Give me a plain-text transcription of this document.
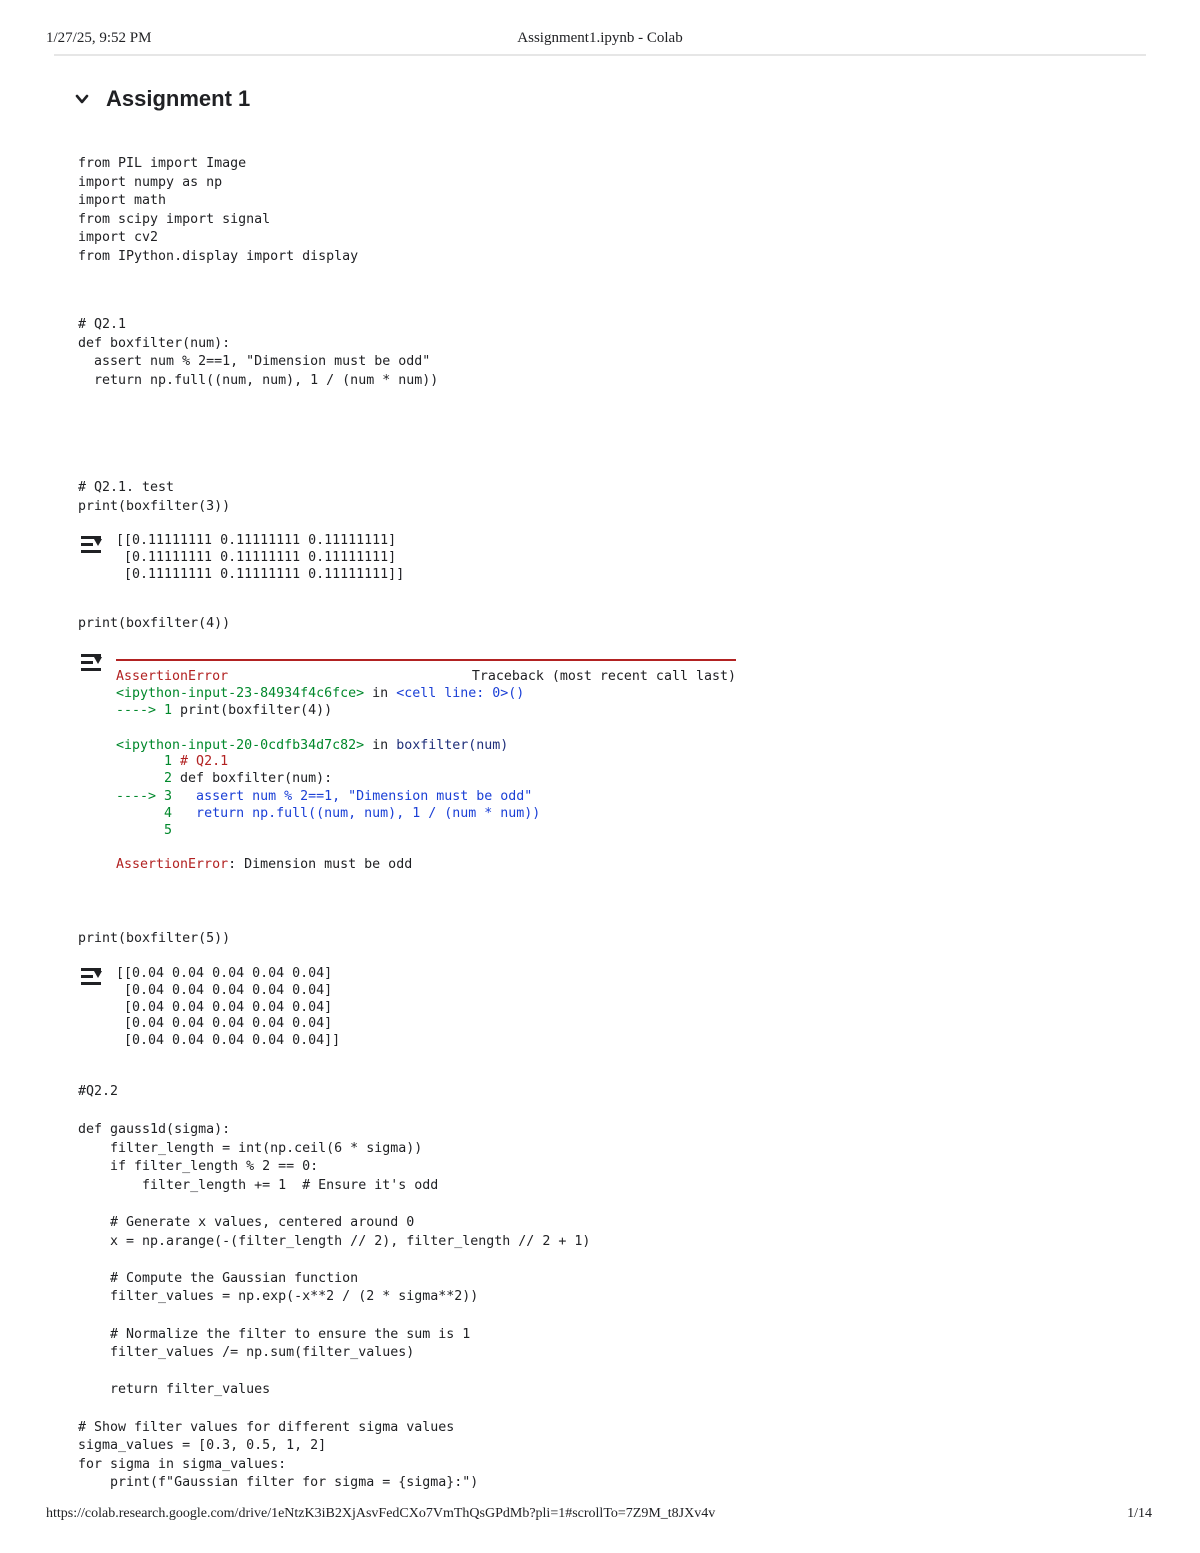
1/27/25, 9:52 PM	Assignment1.ipynb - Colab
Assignment 1
from PIL import Image
import numpy as np
import math
from scipy import signal
import cv2
from IPython.display import display
# Q2.1
def boxfilter(num):
assert num % 2==1, "Dimension must be odd"
return np.full((num, num), 1 / (num * num))
# Q2.1. test
print(boxfilter(3))
[[0.11111111 0.11111111 0.11111111]
[0.11111111 0.11111111 0.11111111]
[0.11111111 0.11111111 0.11111111]]
print(boxfilter(4))
AssertionError	Traceback (most recent call last)
<ipython-input-23-84934f4c6fce> in <cell line: 0>()
----> 1 print(boxfilter(4))
<ipython-input-20-0cdfb34d7c82> in boxfilter(num)
1 # Q2.1
2 def boxfilter(num):
----> 3   assert num % 2==1, "Dimension must be odd"
4   return np.full((num, num), 1 / (num * num))
5
AssertionError: Dimension must be odd
print(boxfilter(5))
[[0.04 0.04 0.04 0.04 0.04]
[0.04 0.04 0.04 0.04 0.04]
[0.04 0.04 0.04 0.04 0.04]
[0.04 0.04 0.04 0.04 0.04]
[0.04 0.04 0.04 0.04 0.04]]
#Q2.2
def gauss1d(sigma):
filter_length = int(np.ceil(6 * sigma))
if filter_length % 2 == 0:
filter_length += 1  # Ensure it's odd

# Generate x values, centered around 0
x = np.arange(-(filter_length // 2), filter_length // 2 + 1)

# Compute the Gaussian function
filter_values = np.exp(-x**2 / (2 * sigma**2))

# Normalize the filter to ensure the sum is 1
filter_values /= np.sum(filter_values)

return filter_values

# Show filter values for different sigma values
sigma_values = [0.3, 0.5, 1, 2]
for sigma in sigma_values:
print(f"Gaussian filter for sigma = {sigma}:")
https://colab.research.google.com/drive/1eNtzK3iB2XjAsvFedCXo7VmThQsGPdMb?pli=1#scrollTo=7Z9M_t8JXv4v	1/14
